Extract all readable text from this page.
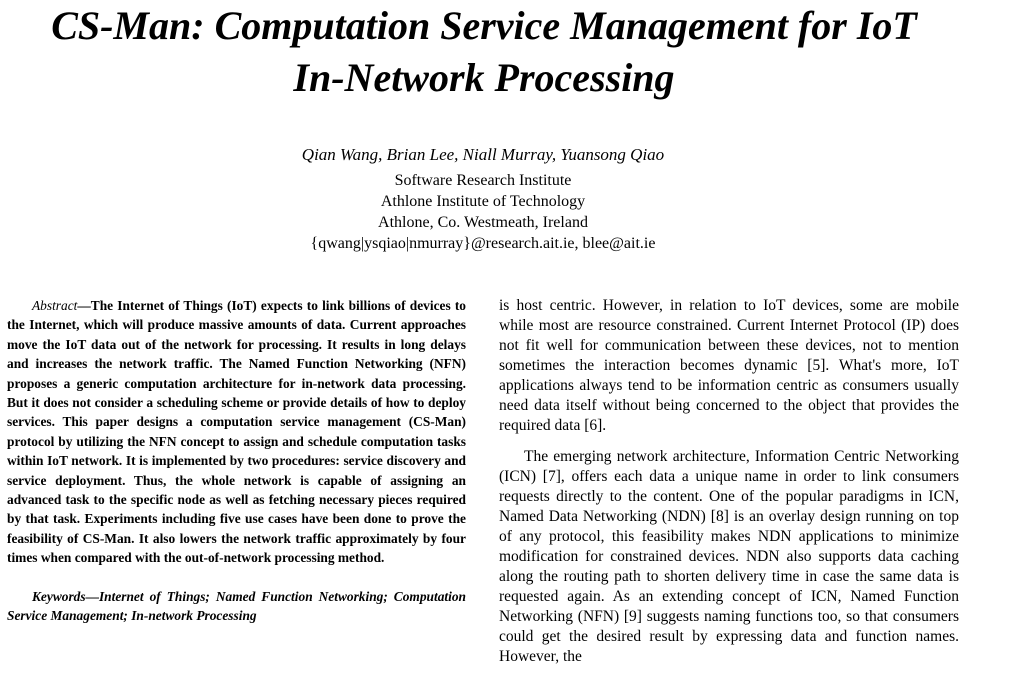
CS-Man: Computation Service Management for IoT
In-Network Processing
Qian Wang, Brian Lee, Niall Murray, Yuansong Qiao
Software Research Institute
Athlone Institute of Technology
Athlone, Co. Westmeath, Ireland
{qwang|ysqiao|nmurray}@research.ait.ie, blee@ait.ie

Abstract—The Internet of Things (IoT) expects to link billions of devices to the Internet, which will produce massive amounts of data. Current approaches move the IoT data out of the network for processing. It results in long delays and increases the network traffic. The Named Function Networking (NFN) proposes a generic computation architecture for in-network data processing. But it does not consider a scheduling scheme or provide details of how to deploy services. This paper designs a computation service management (CS-Man) protocol by utilizing the NFN concept to assign and schedule computation tasks within IoT network. It is implemented by two procedures: service discovery and service deployment. Thus, the whole network is capable of assigning an advanced task to the specific node as well as fetching necessary pieces required by that task. Experiments including five use cases have been done to prove the feasibility of CS-Man. It also lowers the network traffic approximately by four times when compared with the out-of-network processing method.

Keywords—Internet of Things; Named Function Networking; Computation Service Management; In-network Processing

is host centric. However, in relation to IoT devices, some are mobile while most are resource constrained. Current Internet Protocol (IP) does not fit well for communication between these devices, not to mention sometimes the interaction becomes dynamic [5]. What's more, IoT applications always tend to be information centric as consumers usually need data itself without being concerned to the object that provides the required data [6].

The emerging network architecture, Information Centric Networking (ICN) [7], offers each data a unique name in order to link consumers requests directly to the content. One of the popular paradigms in ICN, Named Data Networking (NDN) [8] is an overlay design running on top of any protocol, this feasibility makes NDN applications to minimize modification for constrained devices. NDN also supports data caching along the routing path to shorten delivery time in case the same data is requested again. As an extending concept of ICN, Named Function Networking (NFN) [9] suggests naming functions too, so that consumers could get the desired result by expressing data and function names. However, the
